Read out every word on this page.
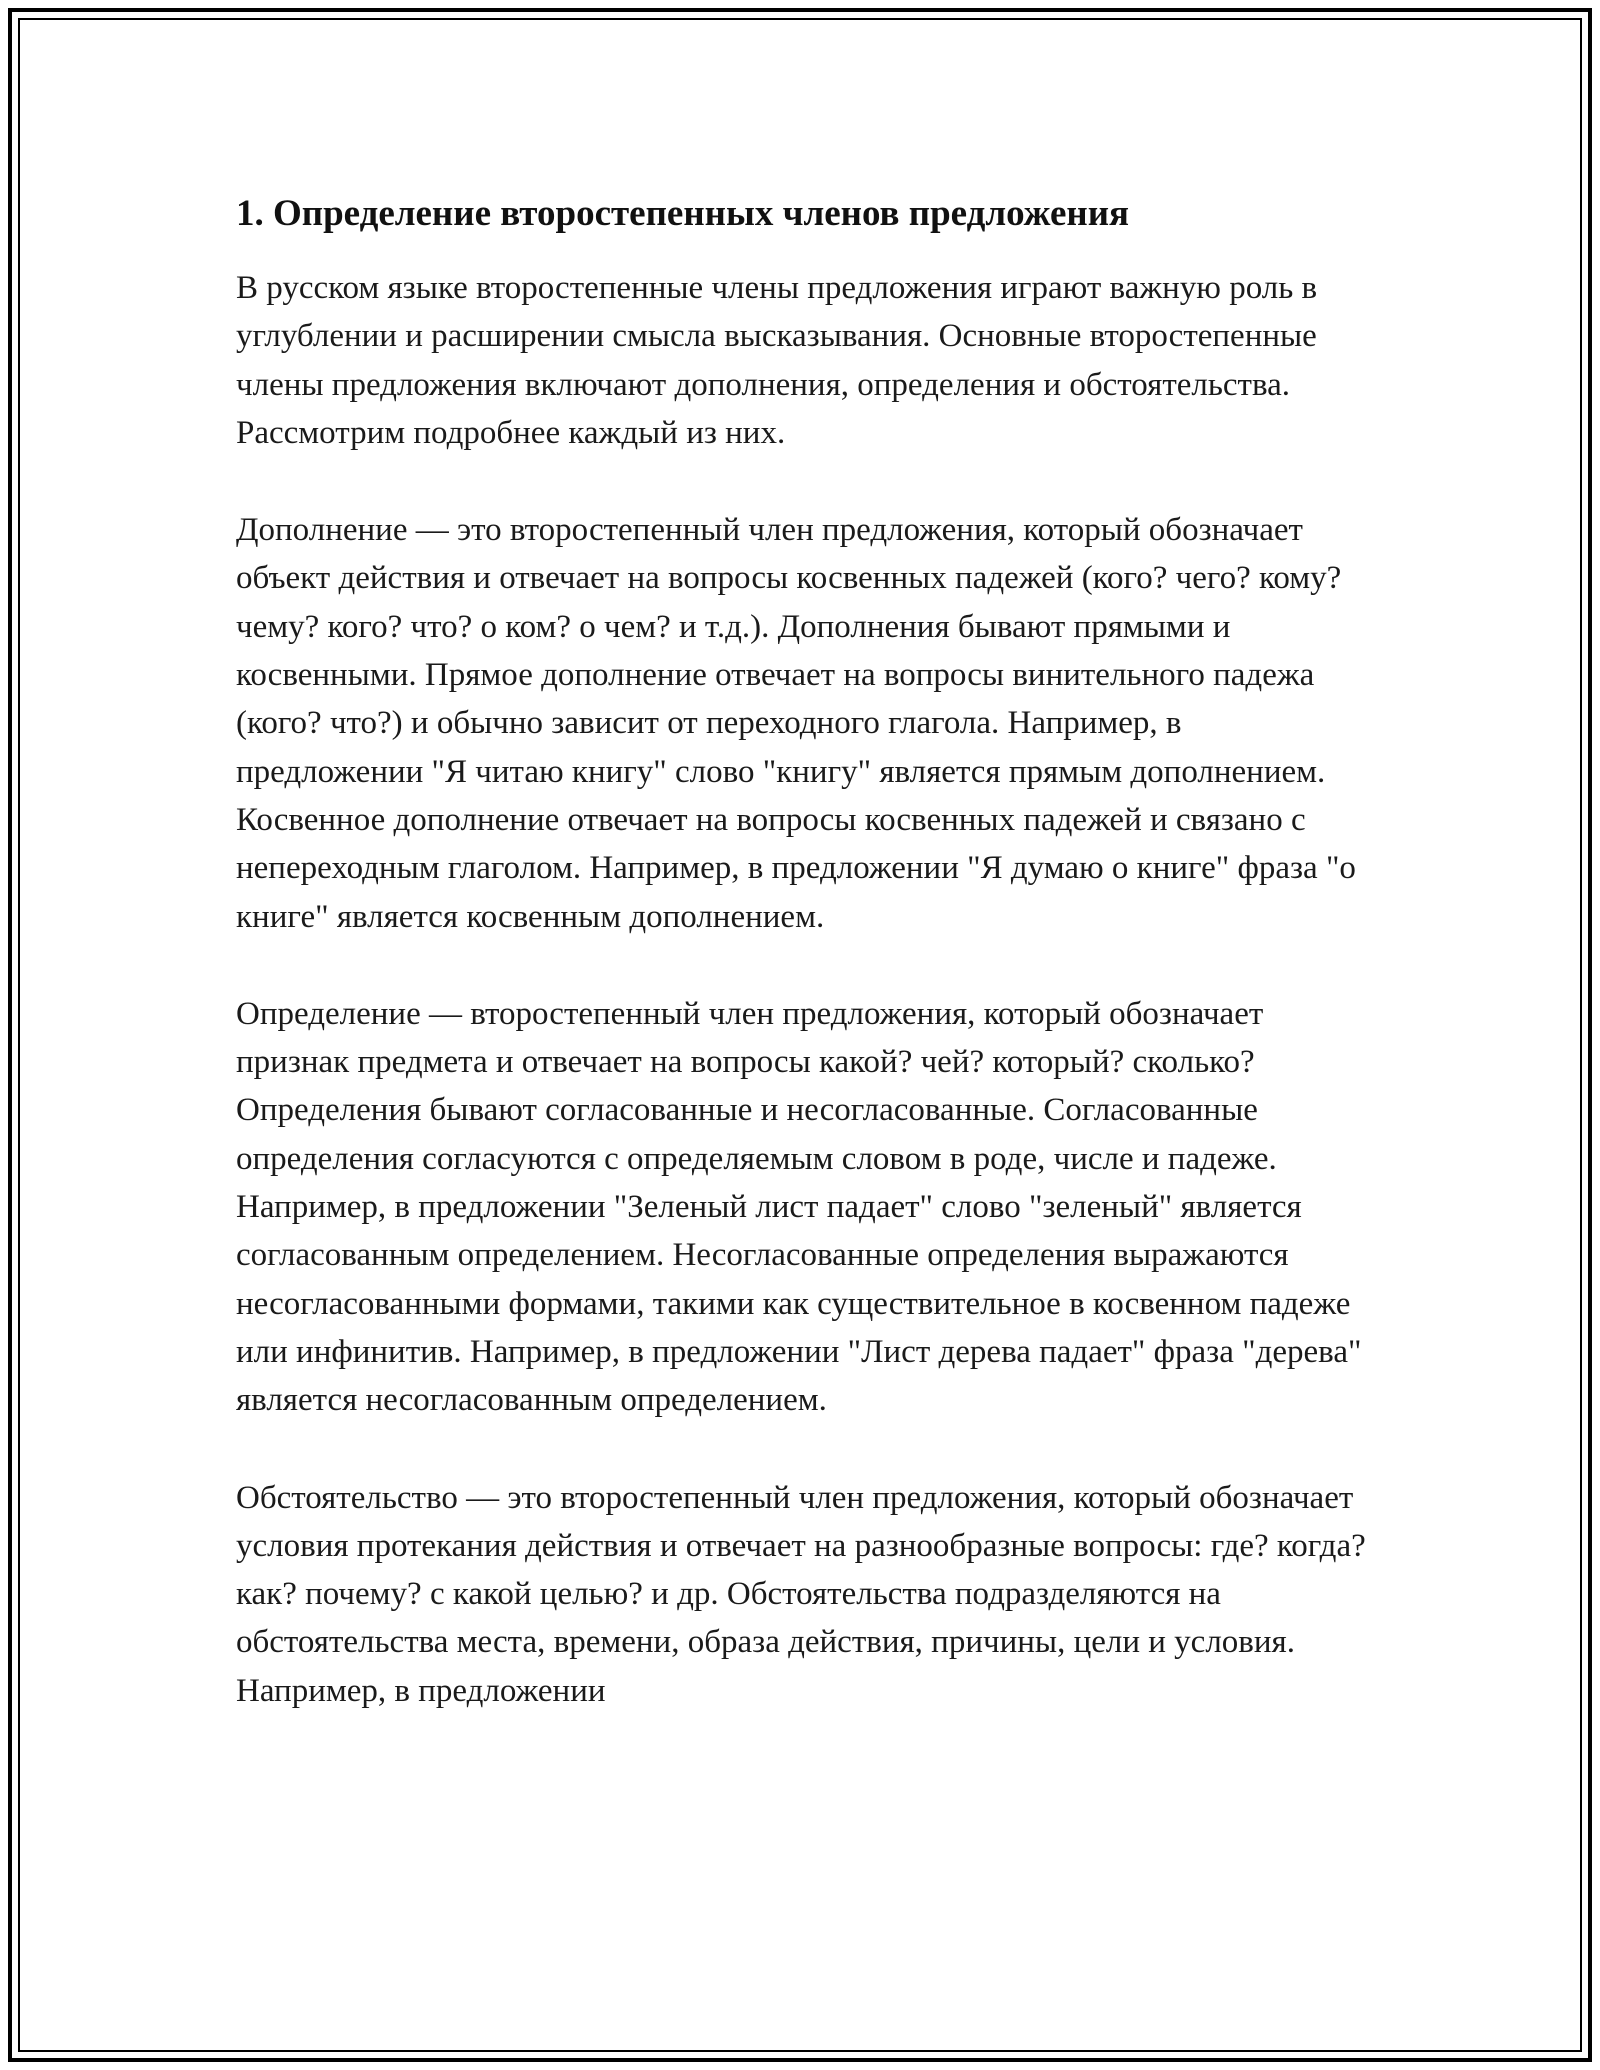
1. Определение второстепенных членов предложения

В русском языке второстепенные члены предложения играют важную роль в углублении и расширении смысла высказывания. Основные второстепенные члены предложения включают дополнения, определения и обстоятельства. Рассмотрим подробнее каждый из них.

Дополнение — это второстепенный член предложения, который обозначает объект действия и отвечает на вопросы косвенных падежей (кого? чего? кому? чему? кого? что? о ком? о чем? и т.д.). Дополнения бывают прямыми и косвенными. Прямое дополнение отвечает на вопросы винительного падежа (кого? что?) и обычно зависит от переходного глагола. Например, в предложении "Я читаю книгу" слово "книгу" является прямым дополнением. Косвенное дополнение отвечает на вопросы косвенных падежей и связано с непереходным глаголом. Например, в предложении "Я думаю о книге" фраза "о книге" является косвенным дополнением.

Определение — второстепенный член предложения, который обозначает признак предмета и отвечает на вопросы какой? чей? который? сколько? Определения бывают согласованные и несогласованные. Согласованные определения согласуются с определяемым словом в роде, числе и падеже. Например, в предложении "Зеленый лист падает" слово "зеленый" является согласованным определением. Несогласованные определения выражаются несогласованными формами, такими как существительное в косвенном падеже или инфинитив. Например, в предложении "Лист дерева падает" фраза "дерева" является несогласованным определением.

Обстоятельство — это второстепенный член предложения, который обозначает условия протекания действия и отвечает на разнообразные вопросы: где? когда? как? почему? с какой целью? и др. Обстоятельства подразделяются на обстоятельства места, времени, образа действия, причины, цели и условия. Например, в предложении
